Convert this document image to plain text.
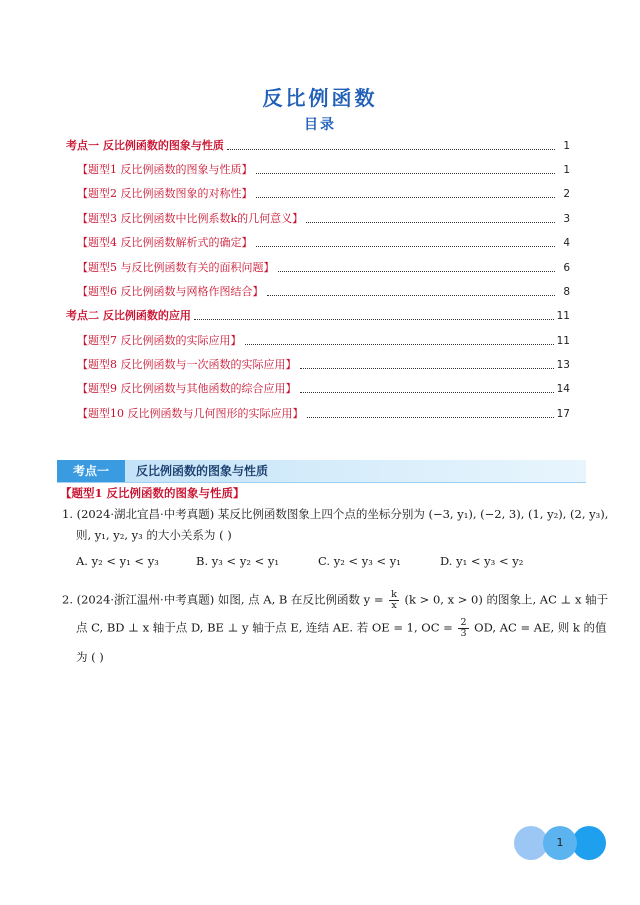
反比例函数
目录
考点一 反比例函数的图象与性质	1
【题型1 反比例函数的图象与性质】	1
【题型2 反比例函数图象的对称性】	2
【题型3 反比例函数中比例系数k的几何意义】	3
【题型4 反比例函数解析式的确定】	4
【题型5 与反比例函数有关的面积问题】	6
【题型6 反比例函数与网格作图结合】	8
考点二 反比例函数的应用	11
【题型7 反比例函数的实际应用】	11
【题型8 反比例函数与一次函数的实际应用】	13
【题型9 反比例函数与其他函数的综合应用】	14
【题型10 反比例函数与几何图形的实际应用】	17
考点一	反比例函数的图象与性质
【题型1 反比例函数的图象与性质】
1. (2024·湖北宜昌·中考真题) 某反比例函数图象上四个点的坐标分别为 (−3, y₁), (−2, 3), (1, y₂), (2, y₃),
则, y₁, y₂, y₃ 的大小关系为 ( )
A. y₂ < y₁ < y₃	B. y₃ < y₂ < y₁	C. y₂ < y₃ < y₁	D. y₁ < y₃ < y₂
2. (2024·浙江温州·中考真题) 如图, 点 A, B 在反比例函数 $y = \frac{k}{x} (k > 0$, x > 0) 的图象上, AC ⊥ x 轴于
点 C, BD ⊥ x 轴于点 D, BE ⊥ y 轴于点 E, 连结 AE. 若 OE = 1, OC = $\frac{2}{3}$ OD, AC = AE, 则 k 的值
为 ( )
1
